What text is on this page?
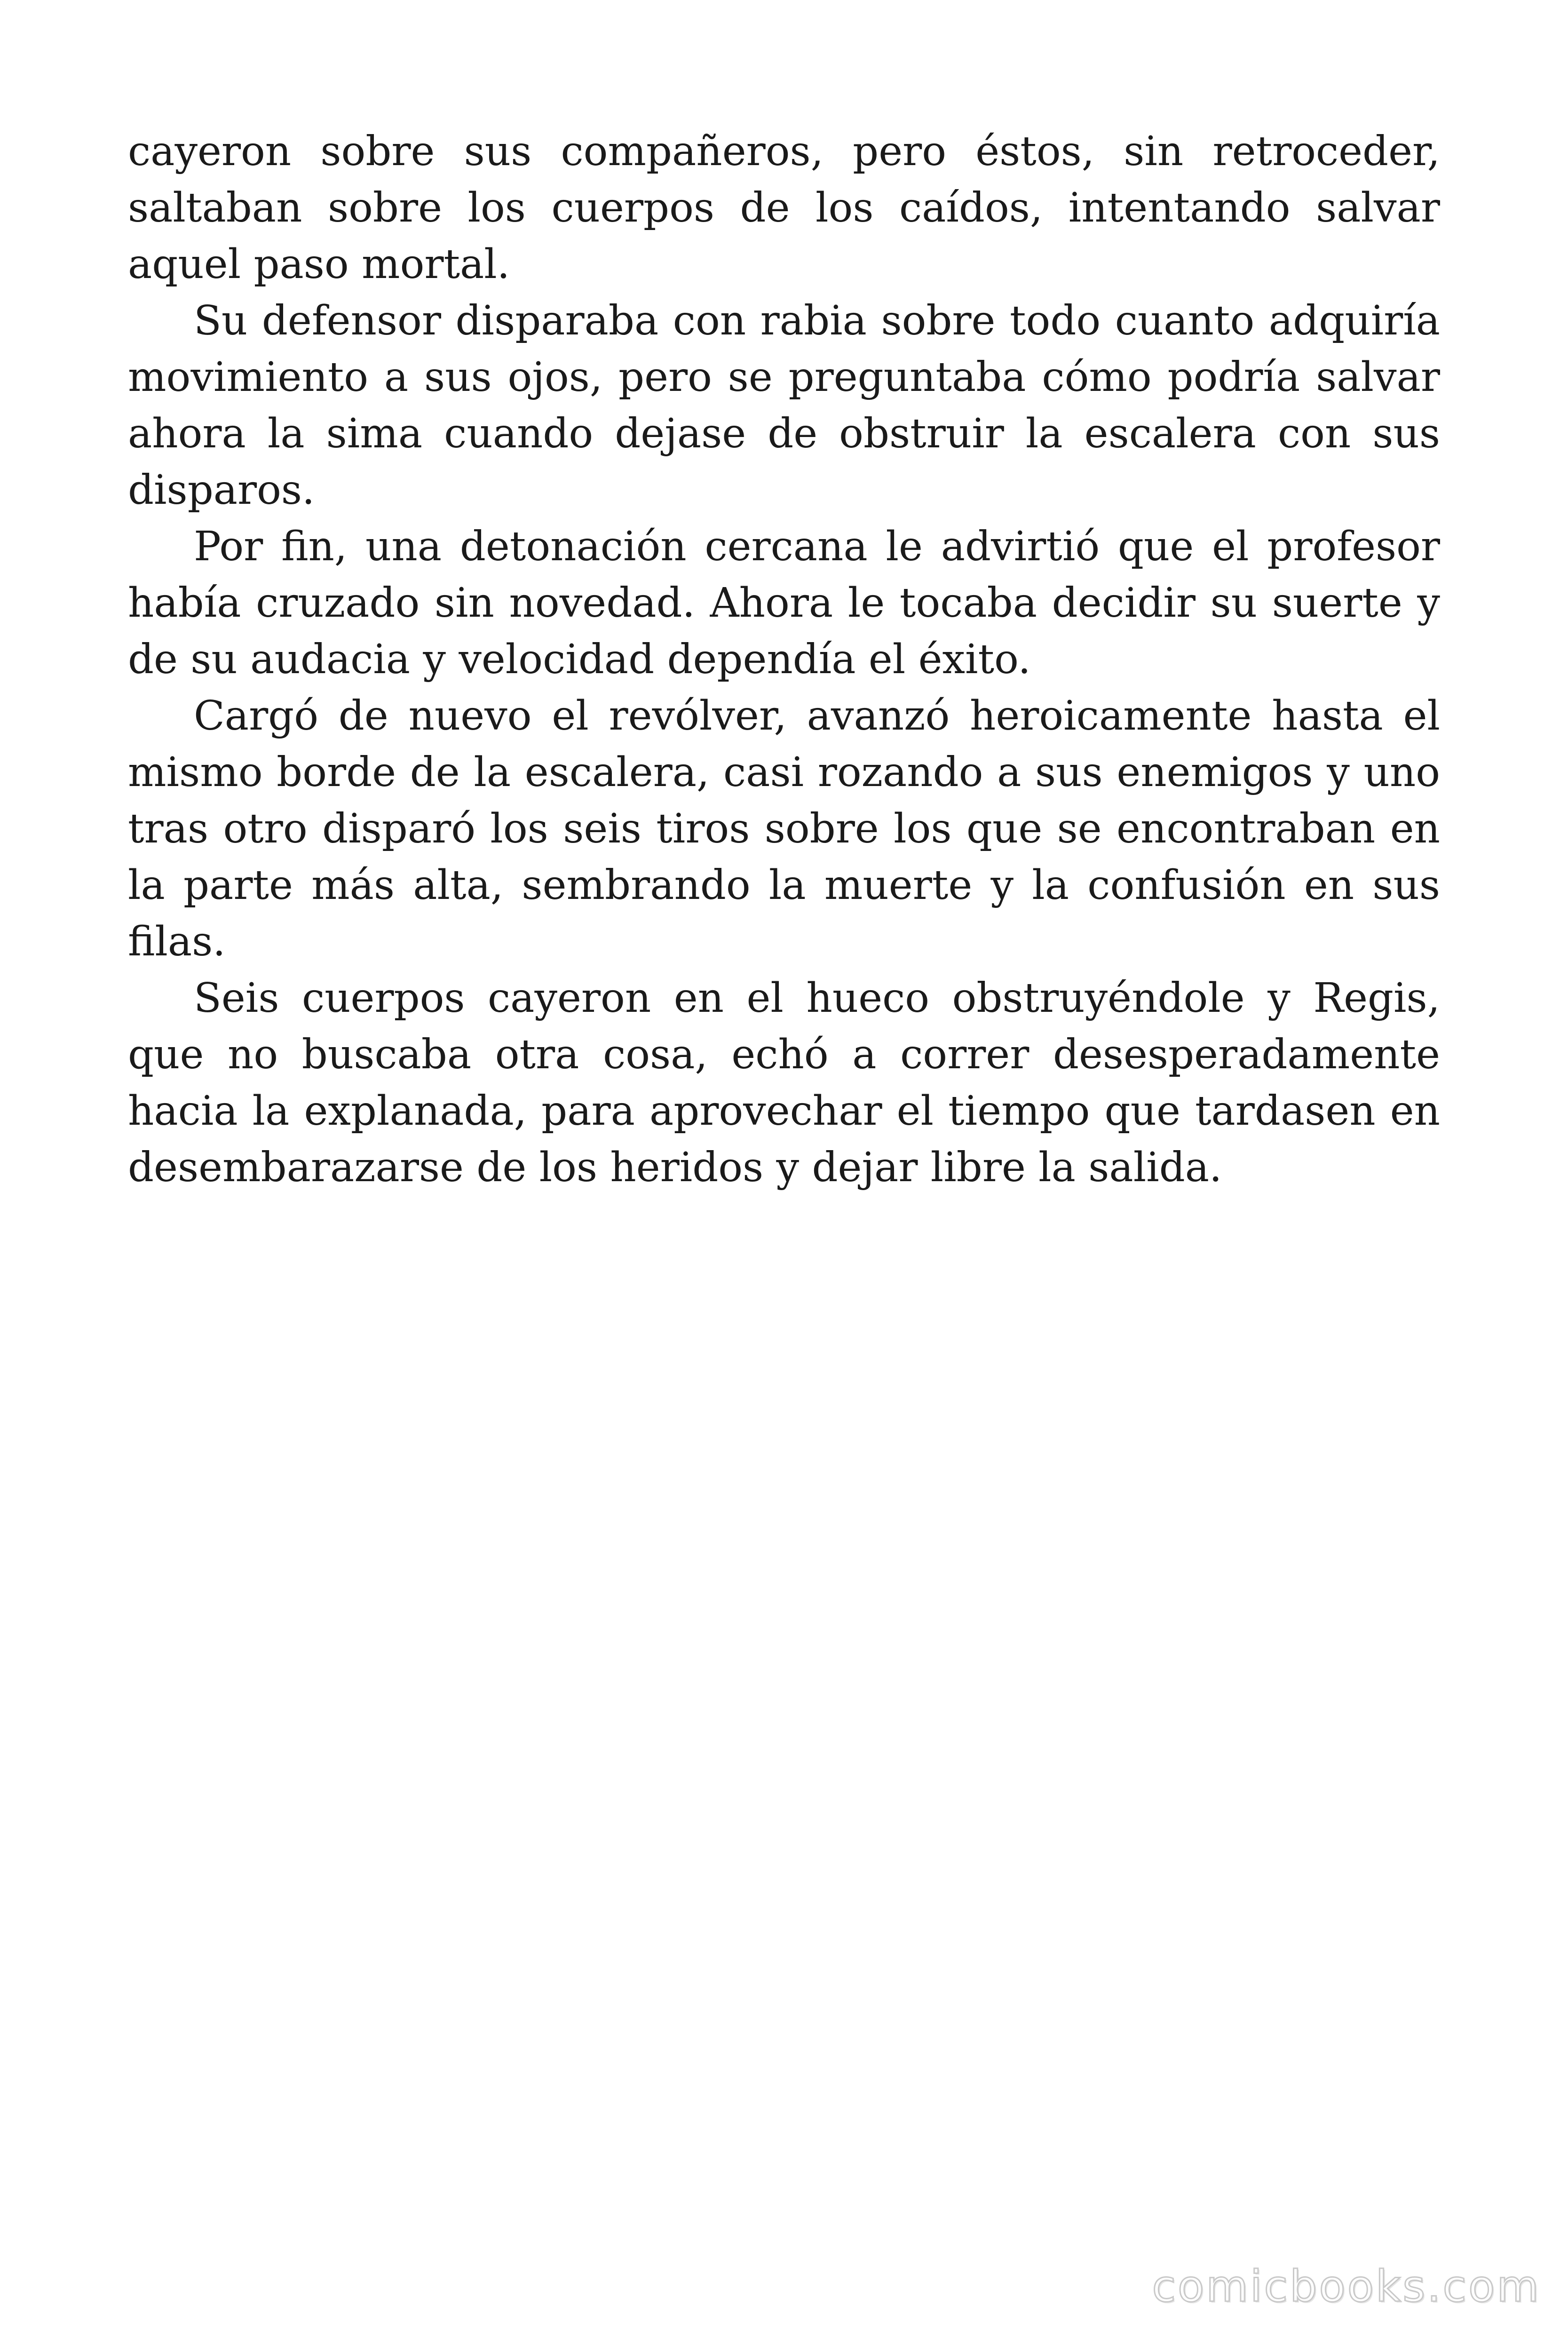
cayeron sobre sus compañeros, pero éstos, sin retroceder, saltaban sobre los cuerpos de los caídos, intentando salvar aquel paso mortal.

Su defensor disparaba con rabia sobre todo cuanto adquiría movimiento a sus ojos, pero se preguntaba cómo podría salvar ahora la sima cuando dejase de obstruir la escalera con sus disparos.

Por fin, una detonación cercana le advirtió que el profesor había cruzado sin novedad. Ahora le tocaba decidir su suerte y de su audacia y velocidad dependía el éxito.

Cargó de nuevo el revólver, avanzó heroicamente hasta el mismo borde de la escalera, casi rozando a sus enemigos y uno tras otro disparó los seis tiros sobre los que se encontraban en la parte más alta, sembrando la muerte y la confusión en sus filas.

Seis cuerpos cayeron en el hueco obstruyéndole y Regis, que no buscaba otra cosa, echó a correr desesperadamente hacia la explanada, para aprovechar el tiempo que tardasen en desembarazarse de los heridos y dejar libre la salida.

comicbooks.com
